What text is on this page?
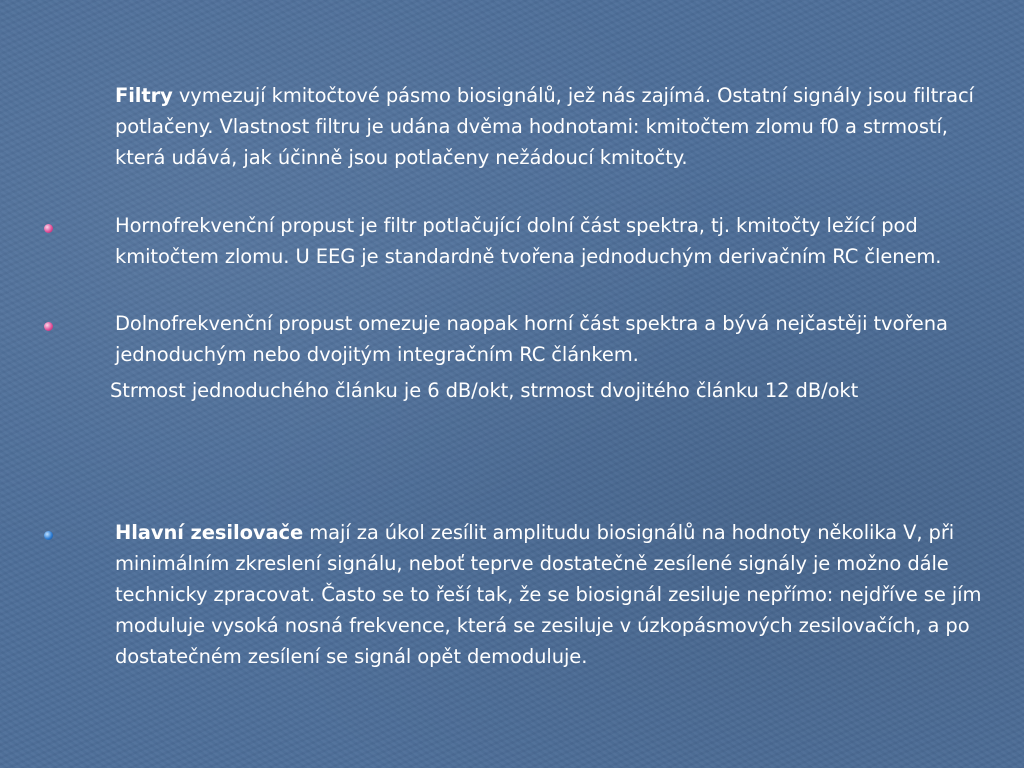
Filtry vymezují kmitočtové pásmo biosignálů, jež nás zajímá. Ostatní signály jsou filtrací potlačeny. Vlastnost filtru je udána dvěma hodnotami: kmitočtem zlomu f0 a strmostí, která udává, jak účinně jsou potlačeny nežádoucí kmitočty.
Hornofrekvenční propust je filtr potlačující dolní část spektra, tj. kmitočty ležící pod kmitočtem zlomu. U EEG je standardně tvořena jednoduchým derivačním RC členem.
Dolnofrekvenční propust omezuje naopak horní část spektra a bývá nejčastěji tvořena jednoduchým nebo dvojitým integračním RC článkem.
Strmost jednoduchého článku je 6 dB/okt, strmost dvojitého článku 12 dB/okt
Hlavní zesilovače mají za úkol zesílit amplitudu biosignálů na hodnoty několika V, při minimálním zkreslení signálu, neboť teprve dostatečně zesílené signály je možno dále technicky zpracovat. Často se to řeší tak, že se biosignál zesiluje nepřímo: nejdříve se jím moduluje vysoká nosná frekvence, která se zesiluje v úzkopásmových zesilovačích, a po dostatečném zesílení se signál opět demoduluje.
